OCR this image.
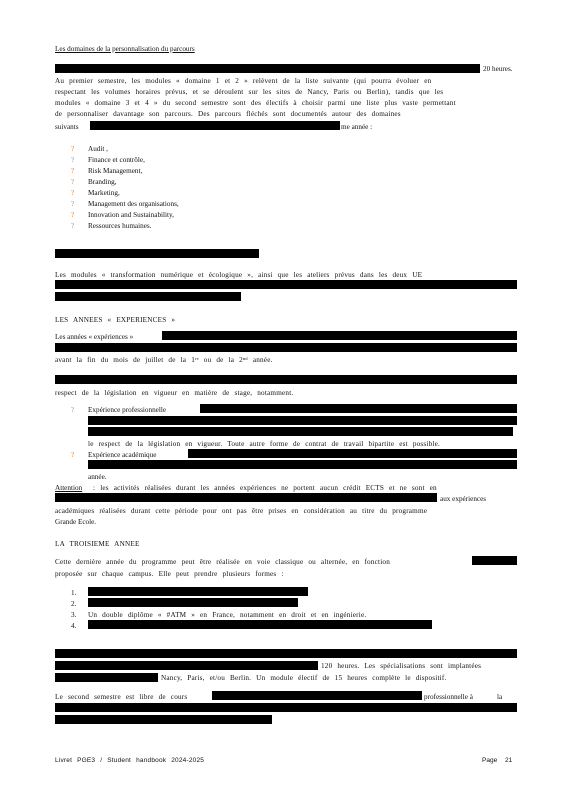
Les domaines de la personnalisation du parcours
20 heures.
Au premier semestre, les modules « domaine 1 et 2 » relèvent de la liste suivante (qui pourra évoluer en
respectant les volumes horaires prévus, et se déroulent sur les sites de Nancy, Paris ou Berlin), tandis que les
modules « domaine 3 et 4 » du second semestre sont des électifs à choisir parmi une liste plus vaste permettant
de personnaliser davantage son parcours. Des parcours fléchés sont documentés autour des domaines
suivants	me année :
? Audit ,
? Finance et contrôle,
? Risk Management,
? Branding,
? Marketing,
? Management des organisations,
? Innovation and Sustainability,
? Ressources humaines.
Les modules « transformation numérique et écologique », ainsi que les ateliers prévus dans les deux UE
LES ANNEES « EXPERIENCES »
Les années « expériences »
avant la fin du mois de juillet de la 1ʳᵉ ou de la 2ⁿᵈ année.
respect de la législation en vigueur en matière de stage, notamment.
? Expérience professionnelle
le respect de la législation en vigueur. Toute autre forme de contrat de travail bipartite est possible.
? Expérience académique
année.
Attention : les activités réalisées durant les années expériences ne portent aucun crédit ECTS et ne sont en
aux expériences
académiques réalisées durant cette période pour ont pas être prises en considération au titre du programme
Grande Ecole.
LA TROISIEME ANNEE
Cette dernière année du programme peut être réalisée en voie classique ou alternée, en fonction
proposée sur chaque campus. Elle peut prendre plusieurs formes :
1.
2.
3. Un double diplôme « #ATM » en France, notamment en droit et en ingénierie.
4.
120 heures. Les spécialisations sont implantées
Nancy, Paris, et/ou Berlin. Un module électif de 15 heures complète le dispositif.
Le second semestre est libre de cours	professionnelle à	la
Livret PGE3 / Student handbook 2024-2025	Page 21
